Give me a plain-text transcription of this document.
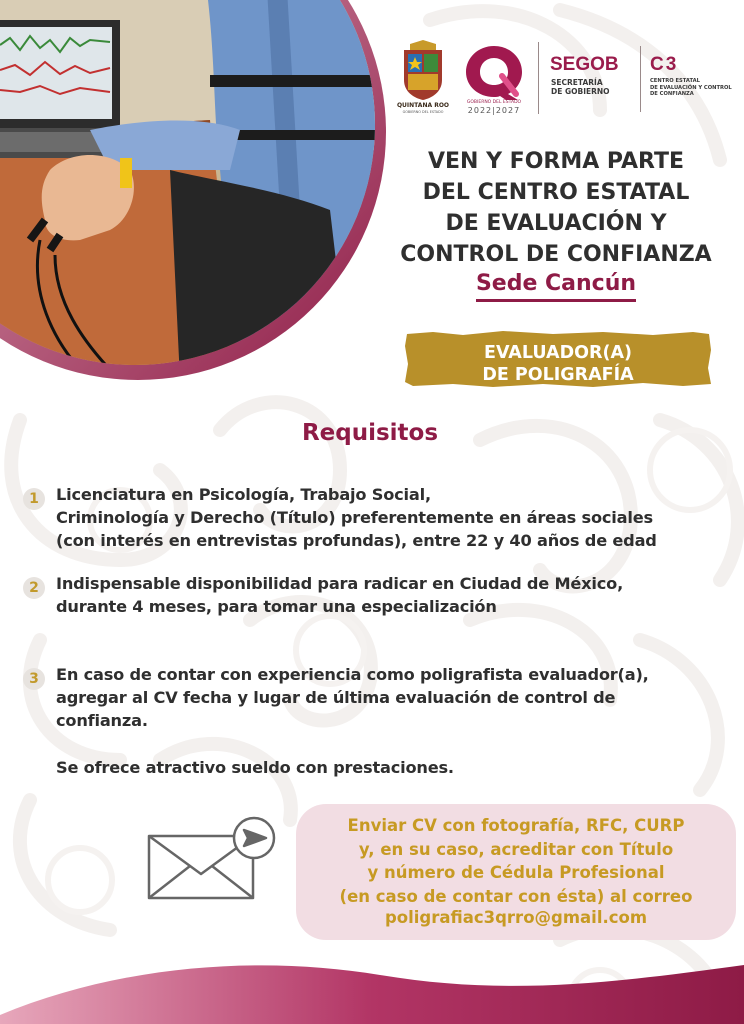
QUINTANA ROO
GOBIERNO DEL ESTADO
GOBIERNO DEL ESTADO
2022|2027
SEGOB
SECRETARÍA
DE GOBIERNO
C3
CENTRO ESTATAL
DE EVALUACIÓN Y CONTROL
DE CONFIANZA
VEN Y FORMA PARTE
DEL CENTRO ESTATAL
DE EVALUACIÓN Y
CONTROL DE CONFIANZA
Sede Cancún
EVALUADOR(A)
DE POLIGRAFÍA
Requisitos
1	Licenciatura en Psicología, Trabajo Social,
Criminología y Derecho (Título) preferentemente en áreas sociales
(con interés en entrevistas profundas), entre 22 y 40 años de edad
2	Indispensable disponibilidad para radicar en Ciudad de México,
durante 4 meses, para tomar una especialización
3	En caso de contar con experiencia como poligrafista evaluador(a),
agregar al CV fecha y lugar de última evaluación de control de
confianza.
Se ofrece atractivo sueldo con prestaciones.
Enviar CV con fotografía, RFC, CURP
y, en su caso, acreditar con Título
y número de Cédula Profesional
(en caso de contar con ésta) al correo
poligrafiac3qrro@gmail.com
